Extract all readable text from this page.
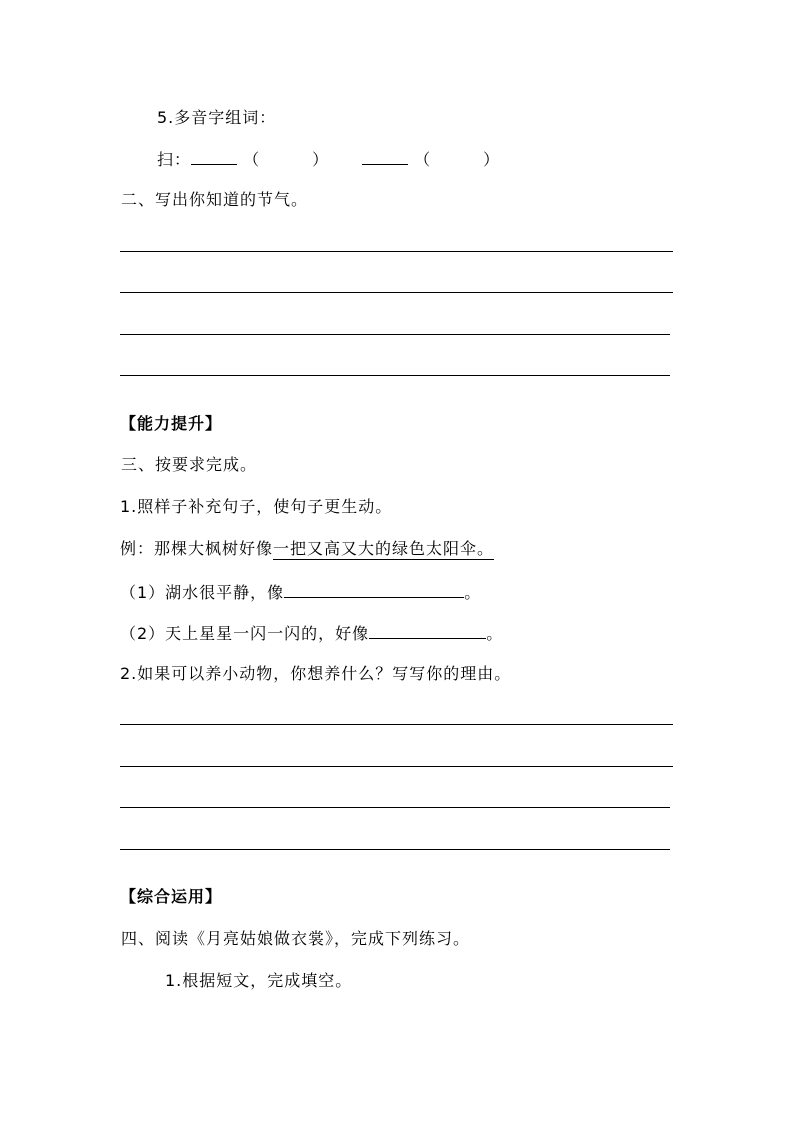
5.多音字组词：
扫：	（	）	（	）
二、写出你知道的节气。
【能力提升】
三、按要求完成。
1.照样子补充句子，使句子更生动。
例：那棵大枫树好像一把又高又大的绿色太阳伞。
（1）湖水很平静，像	。
（2）天上星星一闪一闪的，好像	。
2.如果可以养小动物，你想养什么？写写你的理由。
【综合运用】
四、阅读《月亮姑娘做衣裳》，完成下列练习。
1.根据短文，完成填空。
